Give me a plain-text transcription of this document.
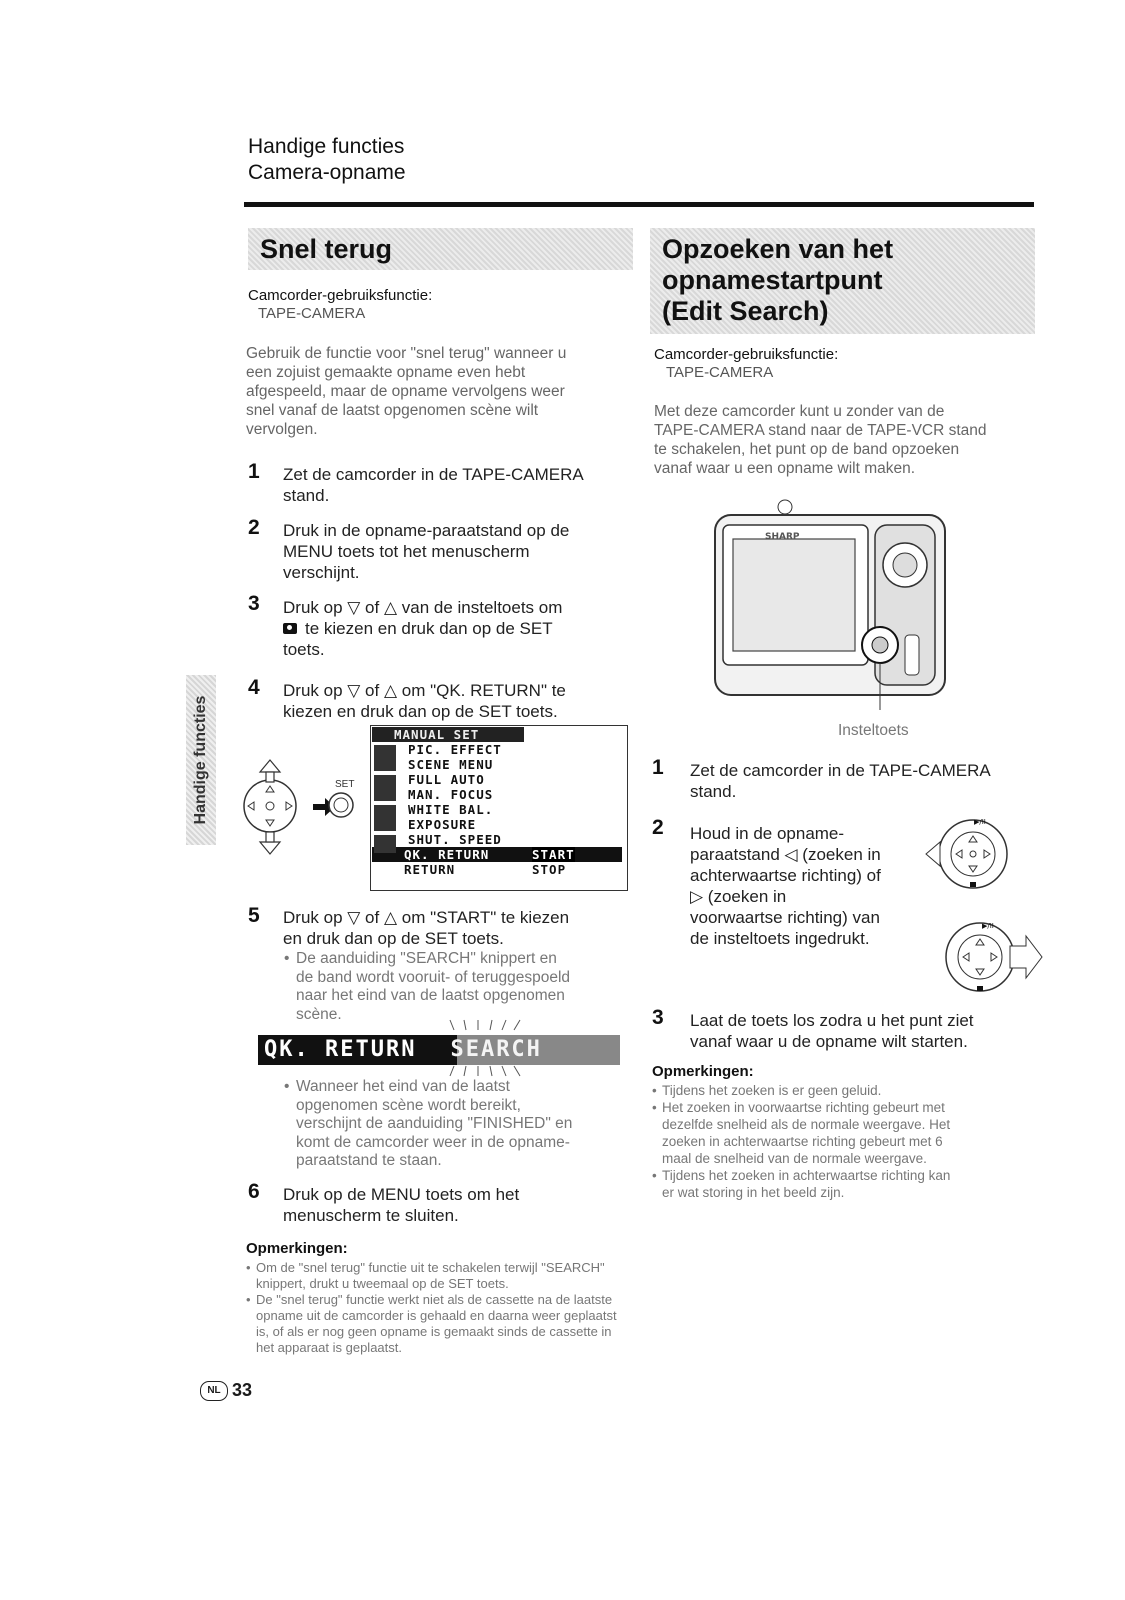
Handige functies
Camera-opname
Snel terug
Camcorder-gebruiksfunctie:
TAPE-CAMERA
Gebruik de functie voor "snel terug" wanneer u
een zojuist gemaakte opname even hebt
afgespeeld, maar de opname vervolgens weer
snel vanaf de laatst opgenomen scène wilt
vervolgen.
1 Zet de camcorder in de TAPE-CAMERA
stand.
2 Druk in de opname-paraatstand op de
MENU toets tot het menuscherm
verschijnt.
3 Druk op ▽ of △ van de insteltoets om
te kiezen en druk dan op de SET
toets.
4 Druk op ▽ of △ om "QK. RETURN" te
kiezen en druk dan op de SET toets.
SET
MANUAL SET
PIC. EFFECT
SCENE MENU
FULL AUTO
MAN. FOCUS
WHITE BAL.
EXPOSURE
SHUT. SPEED
QK. RETURN	START
RETURN	STOP
5 Druk op ▽ of △ om "START" te kiezen
en druk dan op de SET toets.
• De aanduiding "SEARCH" knippert en
de band wordt vooruit- of teruggespoeld
naar het eind van de laatst opgenomen
scène.
QK. RETURN SEARCH
• Wanneer het eind van de laatst
opgenomen scène wordt bereikt,
verschijnt de aanduiding "FINISHED" en
komt de camcorder weer in de opname-
paraatstand te staan.
6 Druk op de MENU toets om het
menuscherm te sluiten.
Opmerkingen:
• Om de "snel terug" functie uit te schakelen terwijl "SEARCH"
knippert, drukt u tweemaal op de SET toets.
• De "snel terug" functie werkt niet als de cassette na de laatste
opname uit de camcorder is gehaald en daarna weer geplaatst
is, of als er nog geen opname is gemaakt sinds de cassette in
het apparaat is geplaatst.
Handige functies
NL 33
Opzoeken van het
opnamestartpunt
(Edit Search)
Camcorder-gebruiksfunctie:
TAPE-CAMERA
Met deze camcorder kunt u zonder van de
TAPE-CAMERA stand naar de TAPE-VCR stand
te schakelen, het punt op de band opzoeken
vanaf waar u een opname wilt maken.
SHARP
Insteltoets
1 Zet de camcorder in de TAPE-CAMERA
stand.
2 Houd in de opname-
paraatstand ◁ (zoeken in
achterwaartse richting) of
▷ (zoeken in
voorwaartse richting) van
de insteltoets ingedrukt.
▶/II
▶/II
3 Laat de toets los zodra u het punt ziet
vanaf waar u de opname wilt starten.
Opmerkingen:
• Tijdens het zoeken is er geen geluid.
• Het zoeken in voorwaartse richting gebeurt met
dezelfde snelheid als de normale weergave. Het
zoeken in achterwaartse richting gebeurt met 6
maal de snelheid van de normale weergave.
• Tijdens het zoeken in achterwaartse richting kan
er wat storing in het beeld zijn.
